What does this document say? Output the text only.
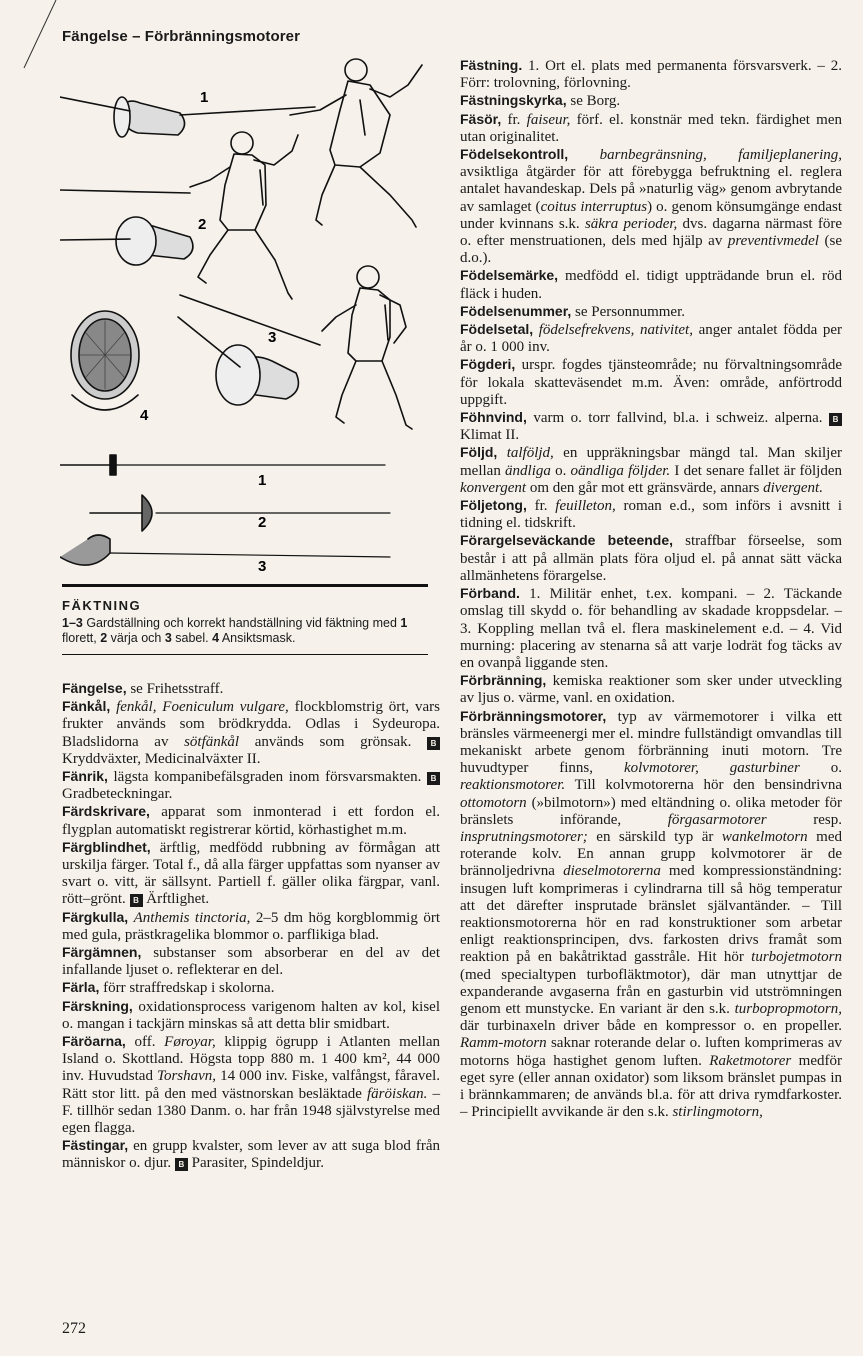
Fängelse – Förbränningsmotorer
1
2
3
4
1
2
3
FÄKTNING
1–3 Gardställning och korrekt handställning vid fäktning med 1 florett, 2 värja och 3 sabel. 4 Ansiktsmask.

Fängelse, se Frihetsstraff.

Fänkål, fenkål, Foeniculum vulgare, flockblomstrig ört, vars frukter används som brödkrydda. Odlas i Sydeuropa. Bladslidorna av sötfänkål används som grönsak. B Kryddväxter, Medicinalväxter II.

Fänrik, lägsta kompanibefälsgraden inom försvarsmakten. B Gradbeteckningar.

Färdskrivare, apparat som inmonterad i ett fordon el. flygplan automatiskt registrerar körtid, körhastighet m.m.

Färgblindhet, ärftlig, medfödd rubbning av förmågan att urskilja färger. Total f., då alla färger uppfattas som nyanser av svart o. vitt, är sällsynt. Partiell f. gäller olika färgpar, vanl. rött–grönt. B Ärftlighet.

Färgkulla, Anthemis tinctoria, 2–5 dm hög korgblommig ört med gula, prästkragelika blommor o. parflikiga blad.

Färgämnen, substanser som absorberar en del av det infallande ljuset o. reflekterar en del.

Färla, förr straffredskap i skolorna.

Färskning, oxidationsprocess varigenom halten av kol, kisel o. mangan i tackjärn minskas så att detta blir smidbart.

Färöarna, off. Føroyar, klippig ögrupp i Atlanten mellan Island o. Skottland. Högsta topp 880 m. 1 400 km², 44 000 inv. Huvudstad Torshavn, 14 000 inv. Fiske, valfångst, fåravel. Rätt stor litt. på den med västnorskan besläktade färöiskan. – F. tillhör sedan 1380 Danm. o. har från 1948 självstyrelse med egen flagga.

Fästingar, en grupp kvalster, som lever av att suga blod från människor o. djur. B Parasiter, Spindeldjur.

Fästning. 1. Ort el. plats med permanenta försvarsverk. – 2. Förr: trolovning, förlovning.

Fästningskyrka, se Borg.

Fäsör, fr. faiseur, förf. el. konstnär med tekn. färdighet men utan originalitet.

Födelsekontroll, barnbegränsning, familjeplanering, avsiktliga åtgärder för att förebygga befruktning el. reglera antalet havandeskap. Dels på »naturlig väg» genom avbrytande av samlaget (coitus interruptus) o. genom könsumgänge endast under kvinnans s.k. säkra perioder, dvs. dagarna närmast före o. efter menstruationen, dels med hjälp av preventivmedel (se d.o.).

Födelsemärke, medfödd el. tidigt uppträdande brun el. röd fläck i huden.

Födelsenummer, se Personnummer.

Födelsetal, födelsefrekvens, nativitet, anger antalet födda per år o. 1 000 inv.

Fögderi, urspr. fogdes tjänsteområde; nu förvaltningsområde för lokala skatteväsendet m.m. Även: område, anförtrodd uppgift.

Föhnvind, varm o. torr fallvind, bl.a. i schweiz. alperna. B Klimat II.

Följd, talföljd, en uppräkningsbar mängd tal. Man skiljer mellan ändliga o. oändliga följder. I det senare fallet är följden konvergent om den går mot ett gränsvärde, annars divergent.

Följetong, fr. feuilleton, roman e.d., som införs i avsnitt i tidning el. tidskrift.

Förargelseväckande beteende, straffbar förseelse, som består i att på allmän plats föra oljud el. på annat sätt väcka allmänhetens förargelse.

Förband. 1. Militär enhet, t.ex. kompani. – 2. Täckande omslag till skydd o. för behandling av skadade kroppsdelar. – 3. Koppling mellan två el. flera maskinelement e.d. – 4. Vid murning: placering av stenarna så att varje lodrät fog täcks av en ovanpå liggande sten.

Förbränning, kemiska reaktioner som sker under utveckling av ljus o. värme, vanl. en oxidation.

Förbränningsmotorer, typ av värmemotorer i vilka ett bränsles värmeenergi mer el. mindre fullständigt omvandlas till mekaniskt arbete genom förbränning inuti motorn. Tre huvudtyper finns, kolvmotorer, gasturbiner o. reaktionsmotorer. Till kolvmotorerna hör den bensindrivna ottomotorn (»bilmotorn») med eltändning o. olika metoder för bränslets införande, förgasarmotorer resp. insprutningsmotorer; en särskild typ är wankelmotorn med roterande kolv. En annan grupp kolvmotorer är de brännoljedrivna dieselmotorerna med kompressionständning: insugen luft komprimeras i cylindrarna till så hög temperatur att det därefter insprutade bränslet självantänder. – Till reaktionsmotorerna hör en rad konstruktioner som arbetar enligt reaktionsprincipen, dvs. farkosten drivs framåt som reaktion på en bakåtriktad gasstråle. Hit hör turbojetmotorn (med specialtypen turbofläktmotor), där man utnyttjar de expanderande avgaserna från en gasturbin vid utströmningen genom ett munstycke. En variant är den s.k. turbopropmotorn, där turbinaxeln driver både en kompressor o. en propeller. Ramm-motorn saknar roterande delar o. luften komprimeras av motorns höga hastighet genom luften. Raketmotorer medför eget syre (eller annan oxidator) som liksom bränslet pumpas in i brännkammaren; de används bl.a. för att driva rymdfarkoster. – Principiellt avvikande är den s.k. stirlingmotorn,

272
